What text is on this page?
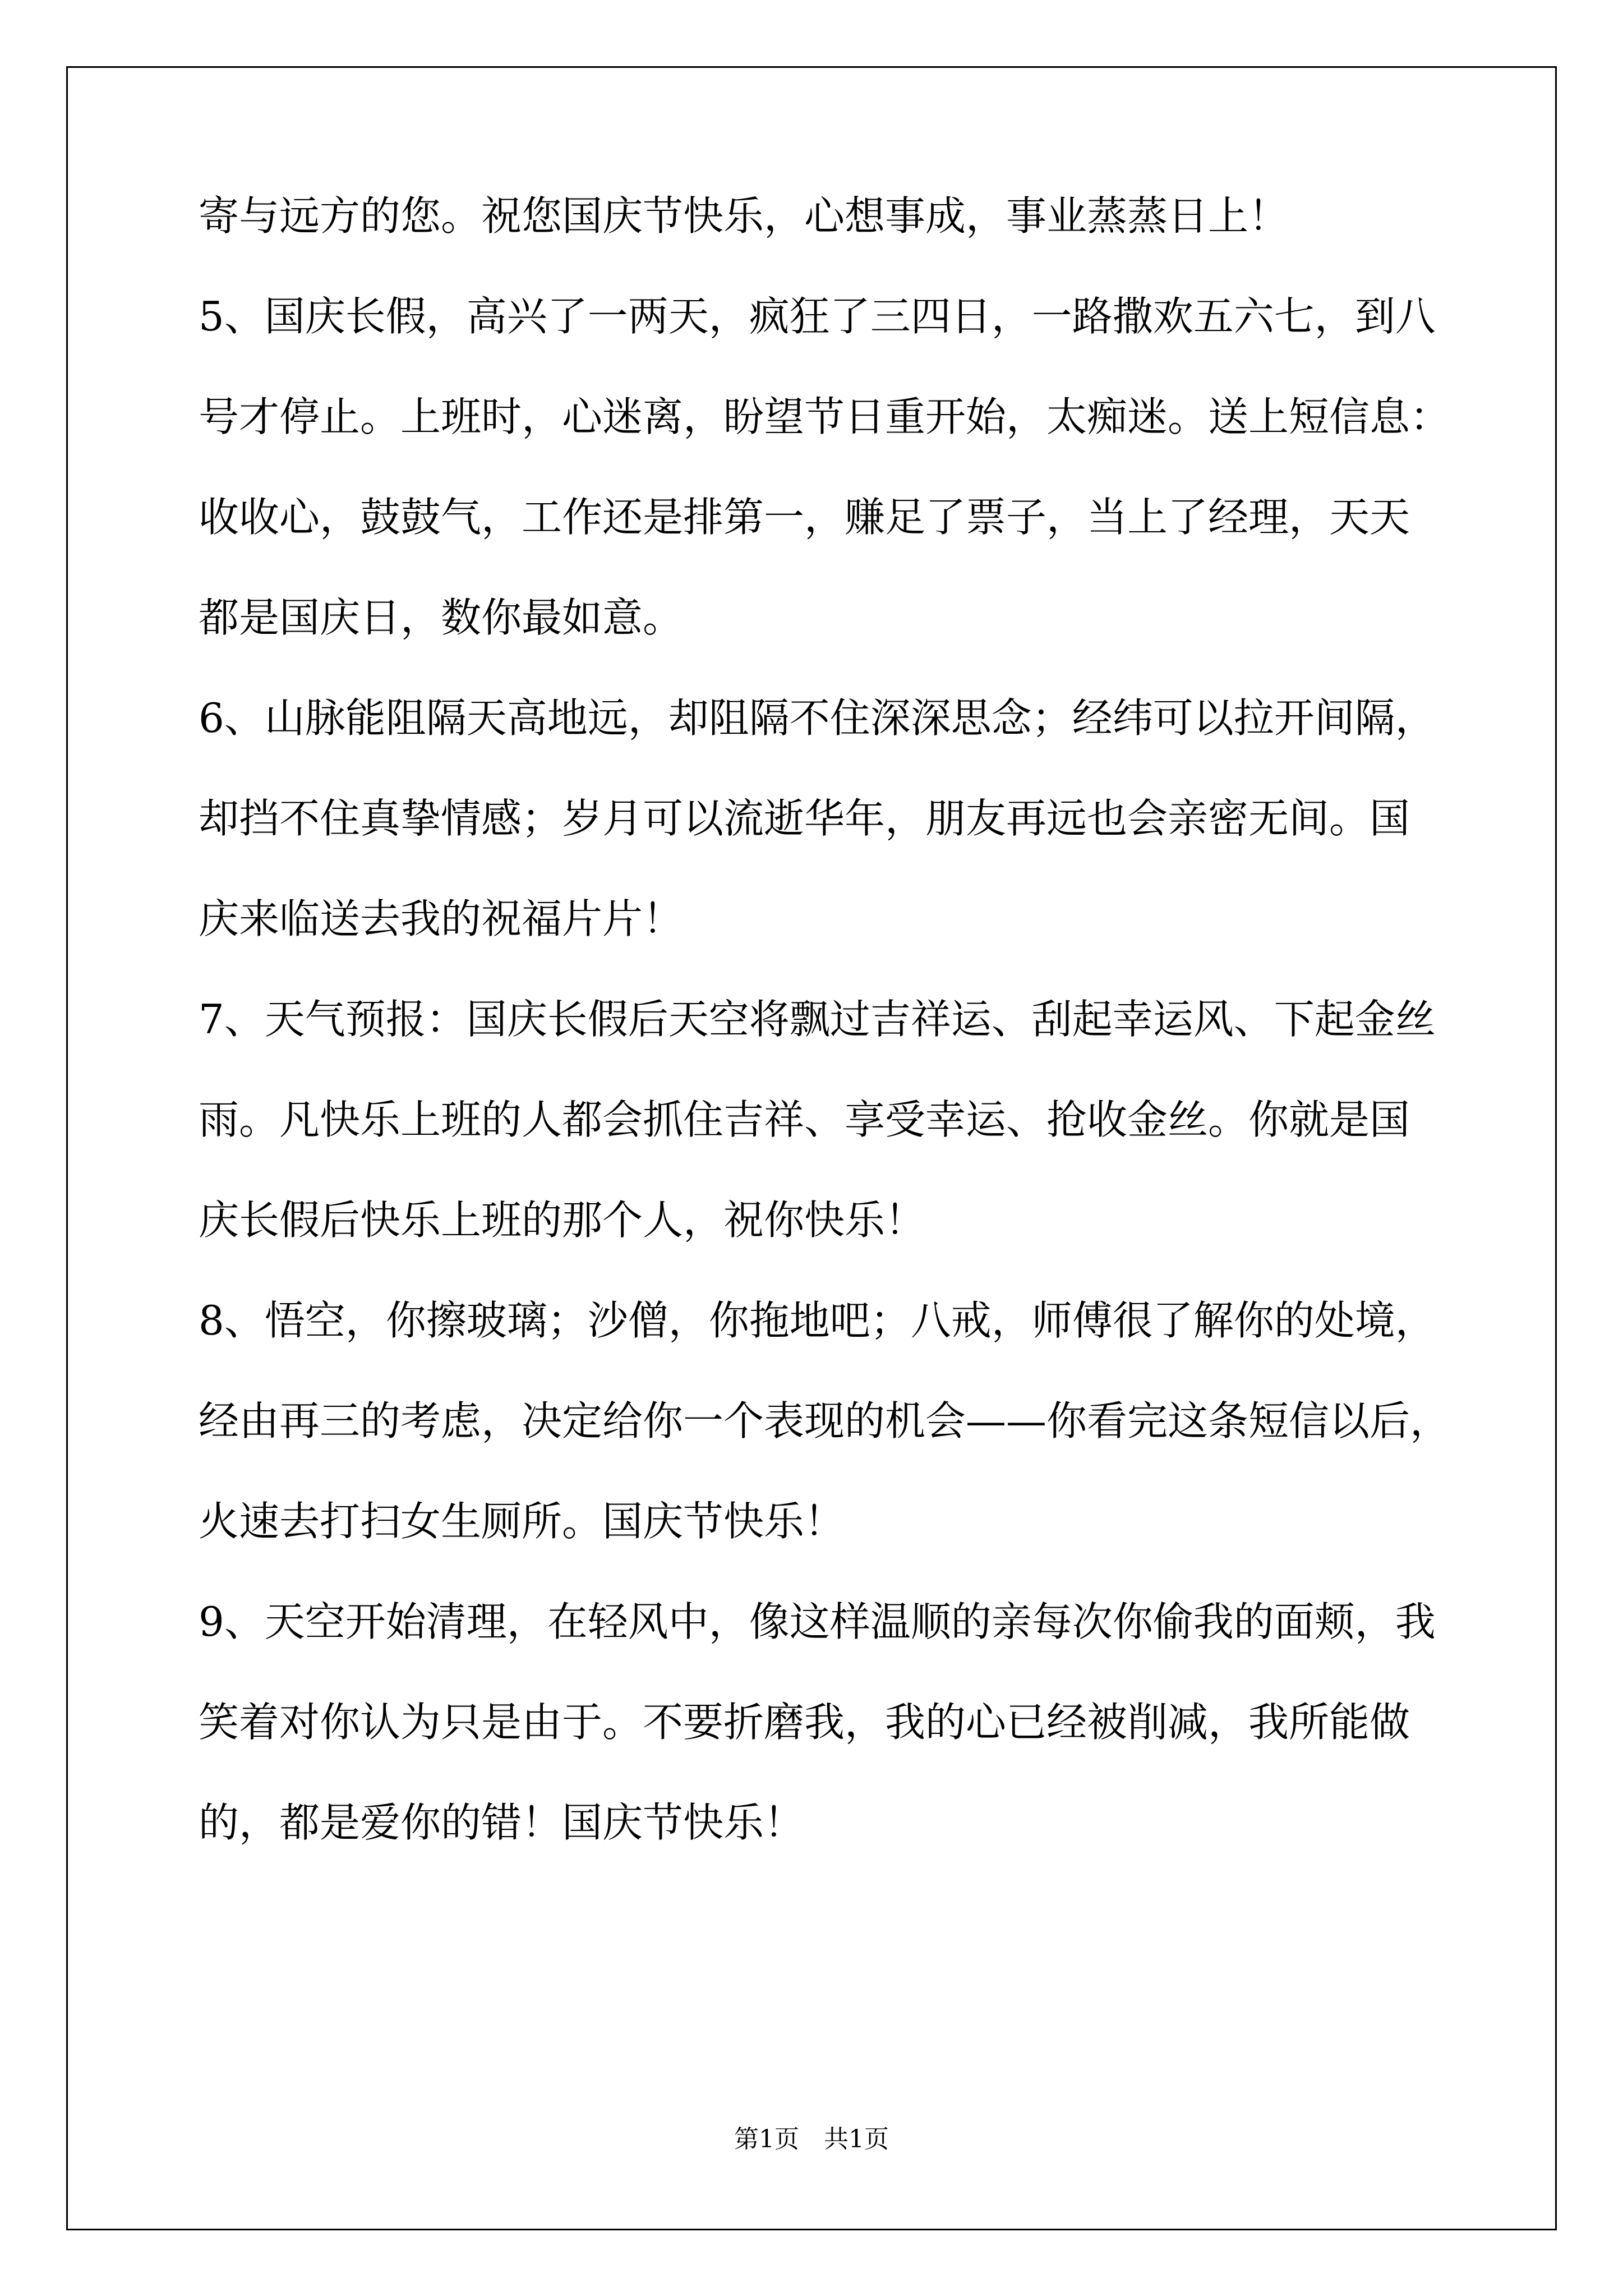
寄与远方的您。祝您国庆节快乐，心想事成，事业蒸蒸日上！
5、国庆长假，高兴了一两天，疯狂了三四日，一路撒欢五六七，到八
号才停止。上班时，心迷离，盼望节日重开始，太痴迷。送上短信息：
收收心，鼓鼓气，工作还是排第一，赚足了票子，当上了经理，天天
都是国庆日，数你最如意。
6、山脉能阻隔天高地远，却阻隔不住深深思念；经纬可以拉开间隔，
却挡不住真挚情感；岁月可以流逝华年，朋友再远也会亲密无间。国
庆来临送去我的祝福片片！
7、天气预报：国庆长假后天空将飘过吉祥运、刮起幸运风、下起金丝
雨。凡快乐上班的人都会抓住吉祥、享受幸运、抢收金丝。你就是国
庆长假后快乐上班的那个人，祝你快乐！
8、悟空，你擦玻璃；沙僧，你拖地吧；八戒，师傅很了解你的处境，
经由再三的考虑，决定给你一个表现的机会——你看完这条短信以后，
火速去打扫女生厕所。国庆节快乐！
9、天空开始清理，在轻风中，像这样温顺的亲每次你偷我的面颊，我
笑着对你认为只是由于。不要折磨我，我的心已经被削减，我所能做
的，都是爱你的错！国庆节快乐！
第1页　共1页
